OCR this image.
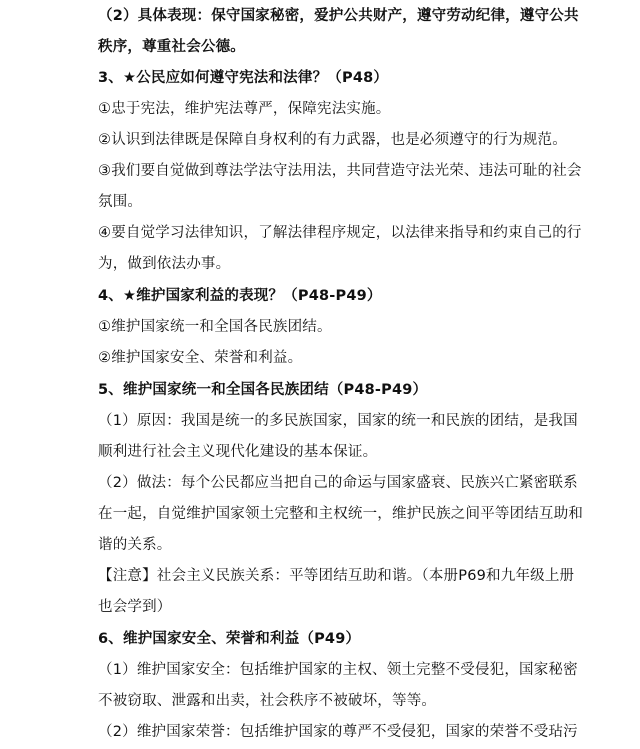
（2）具体表现：保守国家秘密，爱护公共财产，遵守劳动纪律，遵守公共
秩序，尊重社会公德。
3、★公民应如何遵守宪法和法律？（P48）
①忠于宪法，维护宪法尊严，保障宪法实施。
②认识到法律既是保障自身权利的有力武器，也是必须遵守的行为规范。
③我们要自觉做到尊法学法守法用法，共同营造守法光荣、违法可耻的社会
氛围。
④要自觉学习法律知识，了解法律程序规定，以法律来指导和约束自己的行
为，做到依法办事。
4、★维护国家利益的表现？（P48-P49）
①维护国家统一和全国各民族团结。
②维护国家安全、荣誉和利益。
5、维护国家统一和全国各民族团结（P48-P49）
（1）原因：我国是统一的多民族国家，国家的统一和民族的团结，是我国
顺利进行社会主义现代化建设的基本保证。
（2）做法：每个公民都应当把自己的命运与国家盛衰、民族兴亡紧密联系
在一起，自觉维护国家领土完整和主权统一，维护民族之间平等团结互助和
谐的关系。
【注意】社会主义民族关系：平等团结互助和谐。（本册P69和九年级上册
也会学到）
6、维护国家安全、荣誉和利益（P49）
（1）维护国家安全：包括维护国家的主权、领土完整不受侵犯，国家秘密
不被窃取、泄露和出卖，社会秩序不被破坏，等等。
（2）维护国家荣誉：包括维护国家的尊严不受侵犯，国家的荣誉不受玷污
